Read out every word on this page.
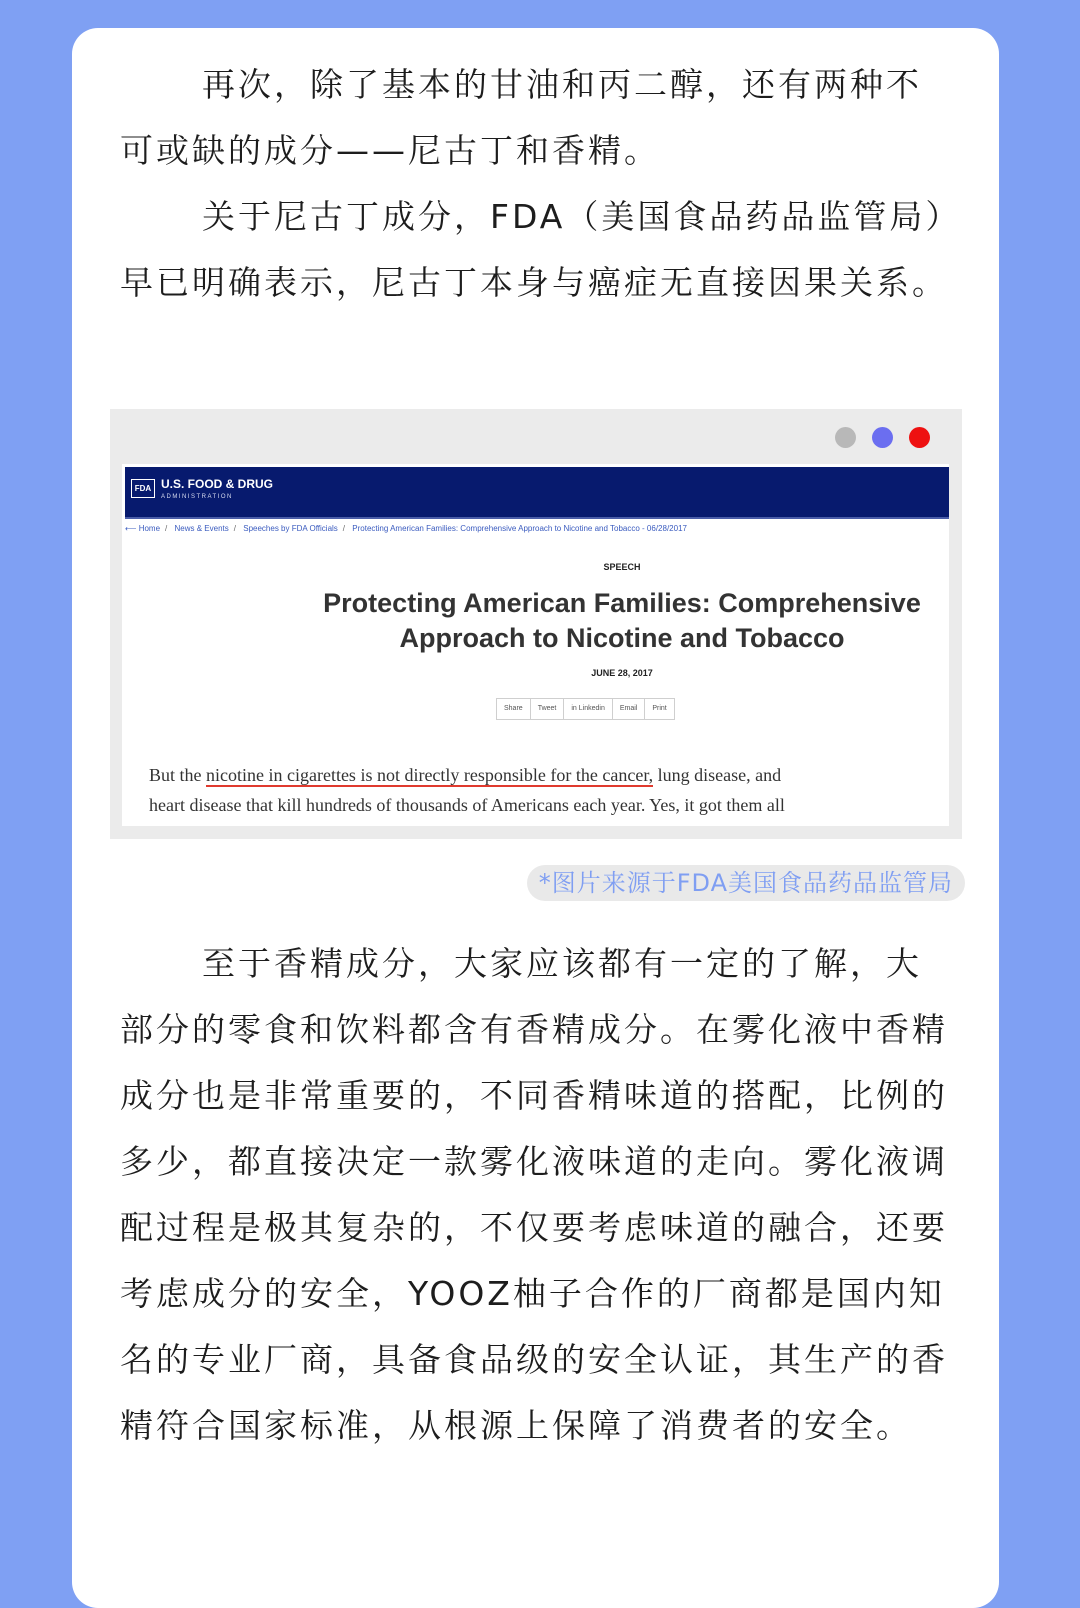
再次，除了基本的甘油和丙二醇，还有两种不可或缺的成分——尼古丁和香精。

关于尼古丁成分，FDA（美国食品药品监管局）早已明确表示，尼古丁本身与癌症无直接因果关系。

FDA U.S. FOOD & DRUG
ADMINISTRATION
⟵ Home / News & Events / Speeches by FDA Officials / Protecting American Families: Comprehensive Approach to Nicotine and Tobacco - 06/28/2017
SPEECH

Protecting American Families: Comprehensive Approach to Nicotine and Tobacco

JUNE 28, 2017
Share	Tweet	in Linkedin	Email	Print

But the nicotine in cigarettes is not directly responsible for the cancer, lung disease, and
heart disease that kill hundreds of thousands of Americans each year. Yes, it got them all

*图片来源于FDA美国食品药品监管局

至于香精成分，大家应该都有一定的了解，大部分的零食和饮料都含有香精成分。在雾化液中香精成分也是非常重要的，不同香精味道的搭配，比例的多少，都直接决定一款雾化液味道的走向。雾化液调配过程是极其复杂的，不仅要考虑味道的融合，还要考虑成分的安全，YOOZ柚子合作的厂商都是国内知名的专业厂商，具备食品级的安全认证，其生产的香精符合国家标准，从根源上保障了消费者的安全。
